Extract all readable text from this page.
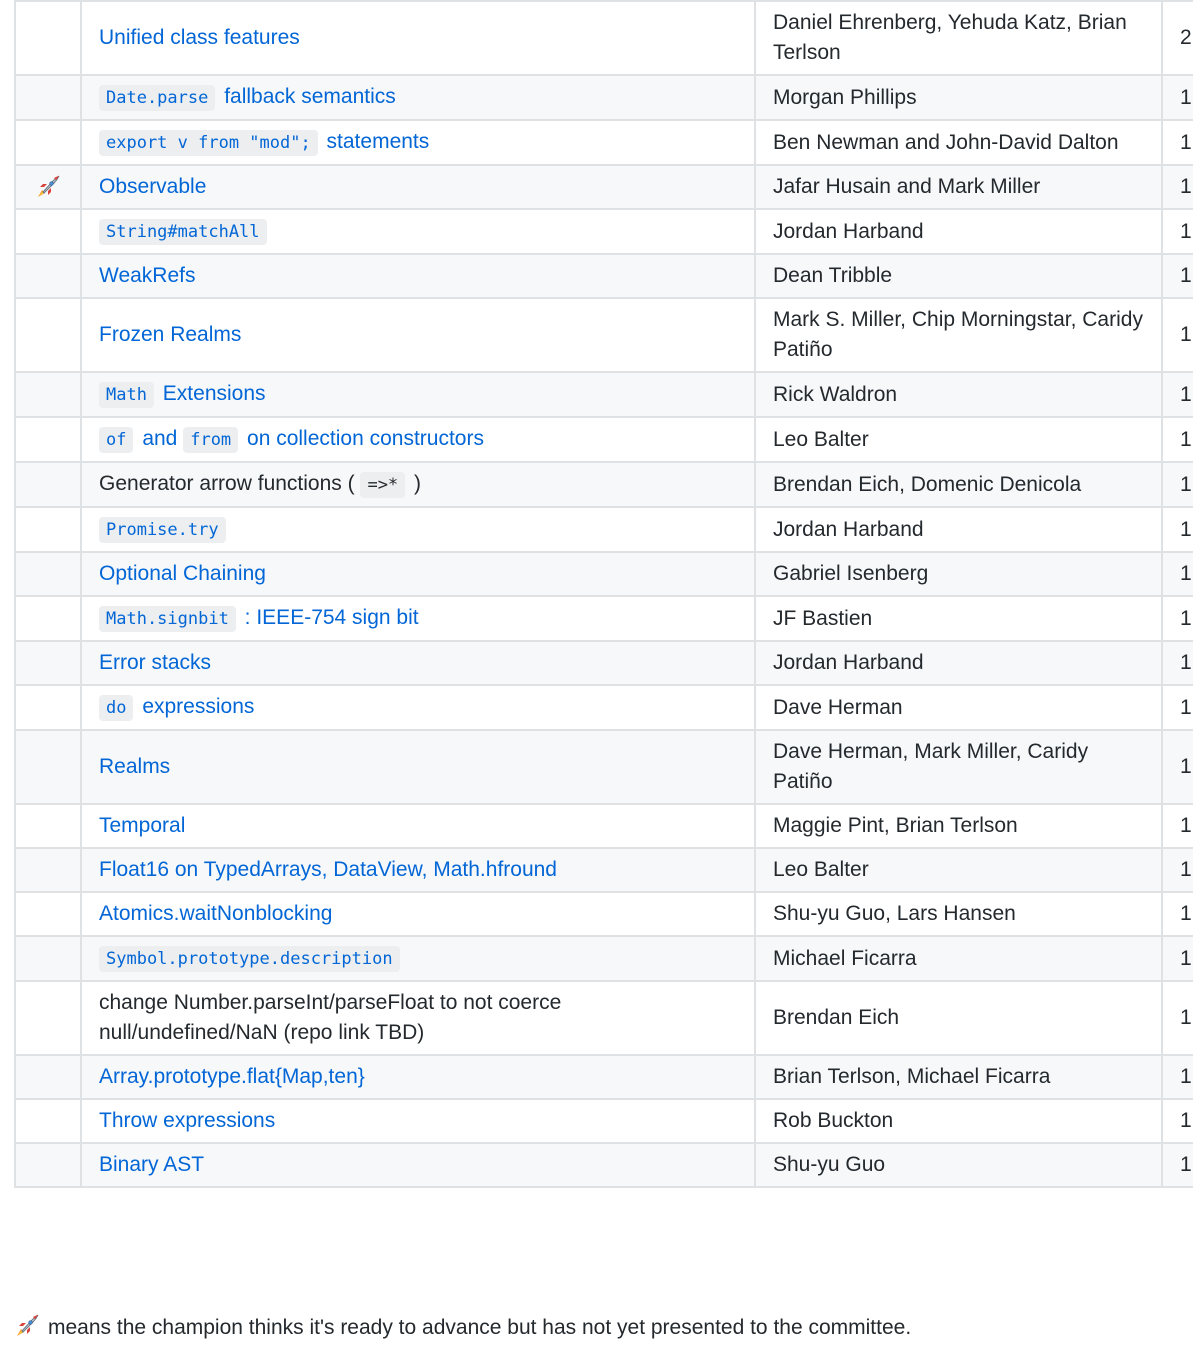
	Unified class features	Daniel Ehrenberg, Yehuda Katz, Brian Terlson	2
	Date.parse fallback semantics	Morgan Phillips	1
	export v from "mod"; statements	Ben Newman and John-David Dalton	1
	Observable	Jafar Husain and Mark Miller	1
	String#matchAll	Jordan Harband	1
	WeakRefs	Dean Tribble	1
	Frozen Realms	Mark S. Miller, Chip Morningstar, Caridy Patiño	1
	Math Extensions	Rick Waldron	1
	of and from on collection constructors	Leo Balter	1
	Generator arrow functions ( =>* )	Brendan Eich, Domenic Denicola	1
	Promise.try	Jordan Harband	1
	Optional Chaining	Gabriel Isenberg	1
	Math.signbit : IEEE-754 sign bit	JF Bastien	1
	Error stacks	Jordan Harband	1
	do expressions	Dave Herman	1
	Realms	Dave Herman, Mark Miller, Caridy Patiño	1
	Temporal	Maggie Pint, Brian Terlson	1
	Float16 on TypedArrays, DataView, Math.hfround	Leo Balter	1
	Atomics.waitNonblocking	Shu-yu Guo, Lars Hansen	1
	Symbol.prototype.description	Michael Ficarra	1
	change Number.parseInt/parseFloat to not coerce null/undefined/NaN (repo link TBD)	Brendan Eich	1
	Array.prototype.flat{Map,ten}	Brian Terlson, Michael Ficarra	1
	Throw expressions	Rob Buckton	1
	Binary AST	Shu-yu Guo	1
means the champion thinks it's ready to advance but has not yet presented to the committee.
